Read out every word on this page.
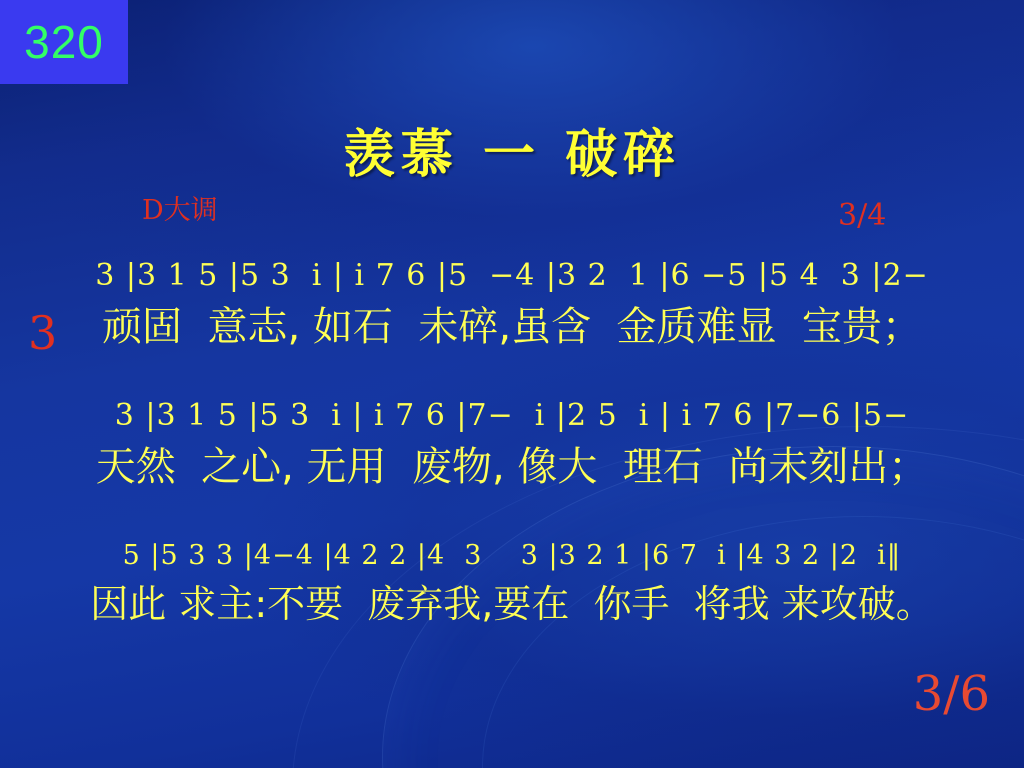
320
羡慕 一 破碎
D大调	3/4
3
3 |3 1 5 |5 3  i | i 7 6 |5  −4 |3 2  1 |6 −5 |5 4  3 |2−
顽固  意志, 如石  未碎,虽含  金质难显  宝贵；
3 |3 1 5 |5 3  i | i 7 6 |7−  i |2 5  i | i 7 6 |7−6 |5−
天然  之心, 无用  废物, 像大  理石  尚未刻出；
5 |5 3 3 |4−4 |4 2 2 |4  3    3 |3 2 1 |6 7  i |4 3 2 |2  i‖
因此 求主:不要  废弃我,要在  你手  将我 来攻破。
3/6
